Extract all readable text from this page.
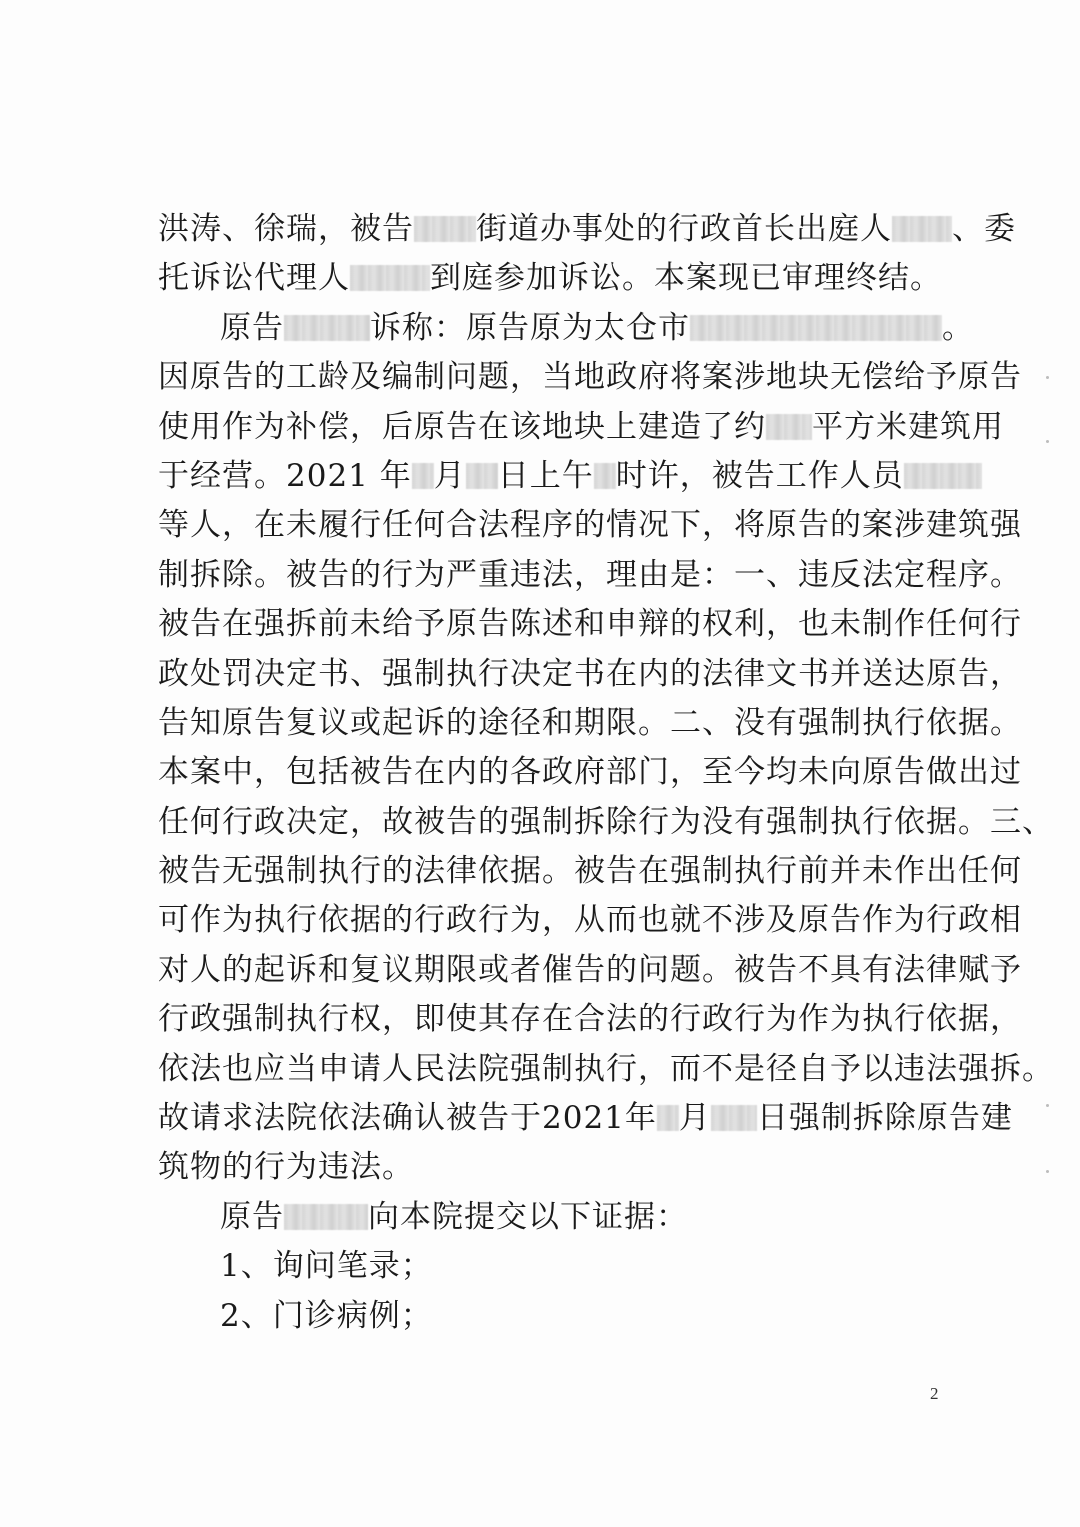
洪涛、徐瑞，被告 街道办事处的行政首长出庭人 、委
托诉讼代理人	到庭参加诉讼。本案现已审理终结。
原告	诉称：原告原为太仓市	。
因原告的工龄及编制问题，当地政府将案涉地块无偿给予原告
使用作为补偿，后原告在该地块上建造了约 平方米建筑用
于经营。2021 年 月 日上午 时许，被告工作人员
等人，在未履行任何合法程序的情况下，将原告的案涉建筑强
制拆除。被告的行为严重违法，理由是：一、违反法定程序。
被告在强拆前未给予原告陈述和申辩的权利，也未制作任何行
政处罚决定书、强制执行决定书在内的法律文书并送达原告，
告知原告复议或起诉的途径和期限。二、没有强制执行依据。
本案中，包括被告在内的各政府部门，至今均未向原告做出过
任何行政决定，故被告的强制拆除行为没有强制执行依据。三、
被告无强制执行的法律依据。被告在强制执行前并未作出任何
可作为执行依据的行政行为，从而也就不涉及原告作为行政相
对人的起诉和复议期限或者催告的问题。被告不具有法律赋予
行政强制执行权，即使其存在合法的行政行为作为执行依据，
依法也应当申请人民法院强制执行，而不是径自予以违法强拆。
故请求法院依法确认被告于2021年 月 日强制拆除原告建
筑物的行为违法。
原告	向本院提交以下证据：
1、询问笔录；
2、门诊病例；
2
